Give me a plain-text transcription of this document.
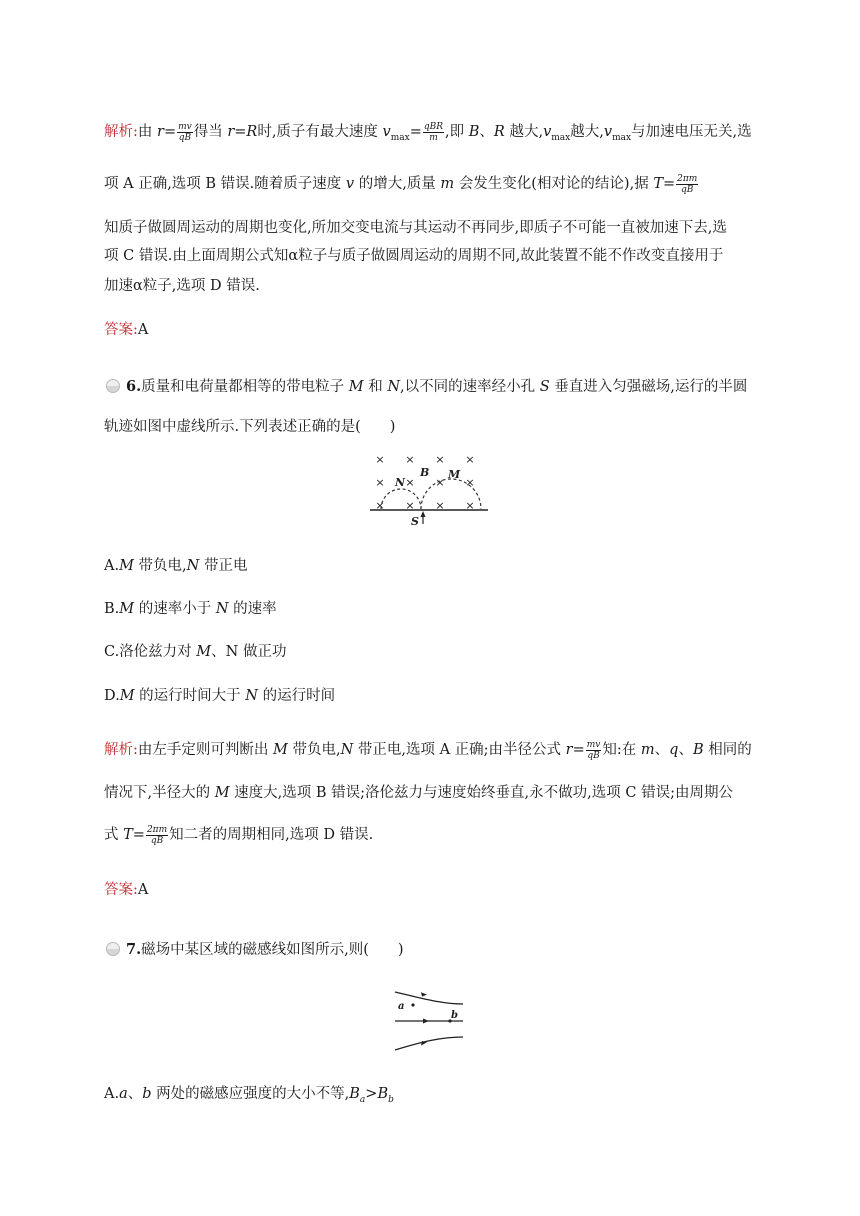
解析:由 $r= \frac{mv}{qB}$ 得当 r=R时,质子有最大速度 $v_{max}= \frac{\text{qBR}}{m}$ ,即 B、R 越大$,v_{max}$越大$,v_{max}$与加速电压无关,选
项 A 正确,选项 B 错误.随着质子速度 v 的增大,质量 m 会发生变化(相对论的结论),据 $T= \frac{2\pi m}{qB}$
知质子做圆周运动的周期也变化,所加交变电流与其运动不再同步,即质子不可能一直被加速下去,选
项 C 错误.由上面周期公式知α粒子与质子做圆周运动的周期不同,故此装置不能不作改变直接用于
加速α粒子,选项 D 错误.
答案:A
6.质量和电荷量都相等的带电粒子 M 和 N,以不同的速率经小孔 S 垂直进入匀强磁场,运行的半圆
轨迹如图中虚线所示.下列表述正确的是(　　)
× × × ×
× × × ×
× × × ×
B M
N
S
A.M 带负电,N 带正电
B.M 的速率小于 N 的速率
C.洛伦兹力对 M、N 做正功
D.M 的运行时间大于 N 的运行时间
解析:由左手定则可判断出 M 带负电,N 带正电,选项 A 正确;由半径公式 $r= \frac{mv}{qB}$ 知:在 m、q、B 相同的
情况下,半径大的 M 速度大,选项 B 错误;洛伦兹力与速度始终垂直,永不做功,选项 C 错误;由周期公
式 $T= \frac{2\pi m}{qB}$ 知二者的周期相同,选项 D 错误.
答案:A
7.磁场中某区域的磁感线如图所示,则(　　)
a
b
A.a、b 两处的磁感应强度的大小不等$,B_a>B_b$
